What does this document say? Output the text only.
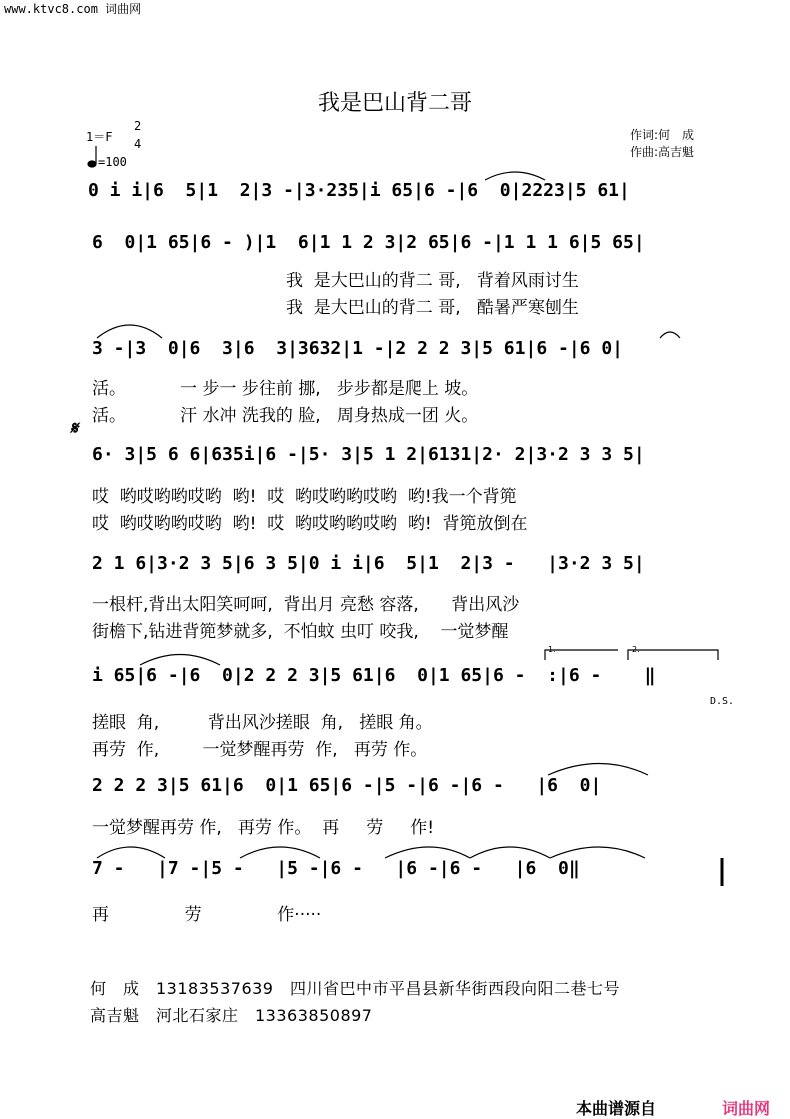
www.ktvc8.com 词曲网
我是巴山背二哥
1＝F
2
4
=100
作词:何　成
作曲:高吉魁
0 i i|6  5|1  2|3 -|3·235|i 65|6 -|6  0|2223|5 61|
6  0|1 65|6 - )|1  6|1 1 2 3|2 65|6 -|1 1 1 6|5 65|
我  是大巴山的背二 哥,   背着风雨讨生
我  是大巴山的背二 哥,   酷暑严寒刨生
3 -|3  0|6  3|6  3|3632|1 -|2 2 2 3|5 61|6 -|6 0|
活。          一 步一 步往前 挪,   步步都是爬上 坡。
活。          汗 水冲 洗我的 脸,   周身热成一团 火。
6· 3|5 6 6|635i|6 -|5· 3|5 1 2|6131|2· 2|3·2 3 3 5|
哎  哟哎哟哟哎哟  哟!  哎  哟哎哟哟哎哟  哟!我一个背篼
哎  哟哎哟哟哎哟  哟!  哎  哟哎哟哟哎哟  哟!  背篼放倒在
2 1 6|3·2 3 5|6 3 5|0 i i|6  5|1  2|3 -   |3·2 3 5|
一根杆,背出太阳笑呵呵,  背出月 亮愁 容落,      背出风沙
街檐下,钻进背篼梦就多,  不怕蚊 虫叮 咬我,    一觉梦醒
1.	2.
i 65|6 -|6  0|2 2 2 3|5 61|6  0|1 65|6 -  :|6 -    ‖
D.S.
搓眼  角,         背出风沙搓眼  角,   搓眼 角。
再劳  作,        一觉梦醒再劳  作,   再劳 作。
2 2 2 3|5 61|6  0|1 65|6 -|5 -|6 -|6 -   |6  0|
一觉梦醒再劳 作,   再劳 作。  再     劳     作!
7 -   |7 -|5 -   |5 -|6 -   |6 -|6 -   |6  0‖
再              劳              作·····
何　成　13183537639　四川省巴中市平昌县新华街西段向阳二巷七号
高吉魁　河北石家庄　13363850897
本曲谱源自	词曲网
𝄋
